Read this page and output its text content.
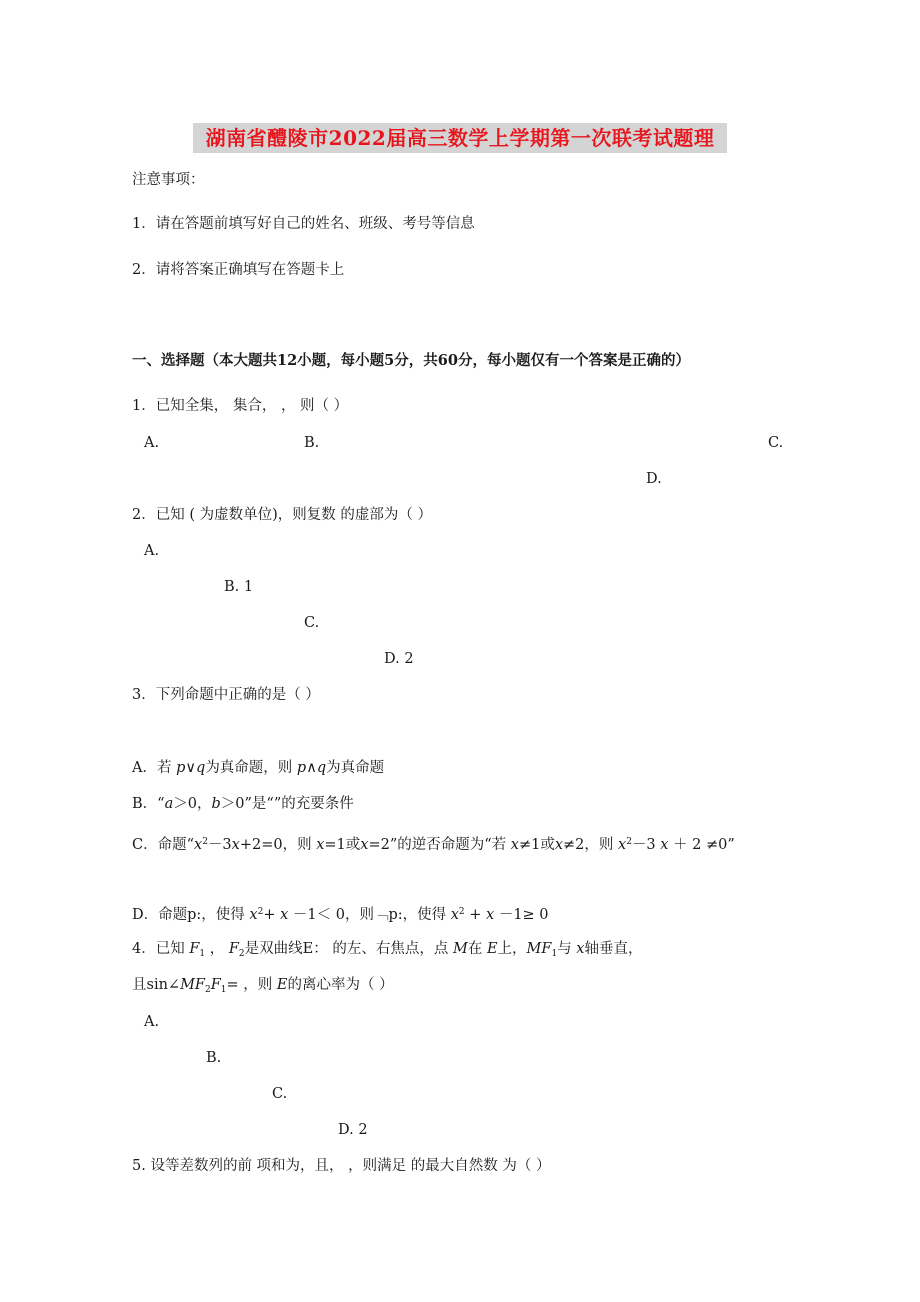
湖南省醴陵市2022届高三数学上学期第一次联考试题理
注意事项：
1．请在答题前填写好自己的姓名、班级、考号等信息
2．请将答案正确填写在答题卡上
一、选择题（本大题共12小题，每小题5分，共60分，每小题仅有一个答案是正确的）
1．已知全集， 集合， ， 则（ ）
A.	B.	C.
D.
2．已知 ( 为虚数单位)，则复数 的虚部为（ ）
A.
B. 1
C.
D. 2
3．下列命题中正确的是（ ）
A．若 p∨q为真命题，则 p∧q为真命题
B．“a＞0，b＞0”是“”的充要条件
C．命题“$x^2-3x+2=0$，则 x=1或x=2”的逆否命题为“若 x≠1或x≠2，则 $x^2-3$ x ＋ 2 ≠0”
D．命题p:，使得 $x^2+ x -1< 0$，则﹁p:，使得 $x^2 + x -1\ge 0$
4．已知 $F_1$ ， $F_2$是双曲线E： 的左、右焦点，点 M在 E上，$MF_1$与 x轴垂直，
且$\sin\angle MF_2F_1=$ ，则 E的离心率为（ ）
A.
B.
C.
D. 2
5. 设等差数列的前 项和为，且， ，则满足 的最大自然数 为（ ）
